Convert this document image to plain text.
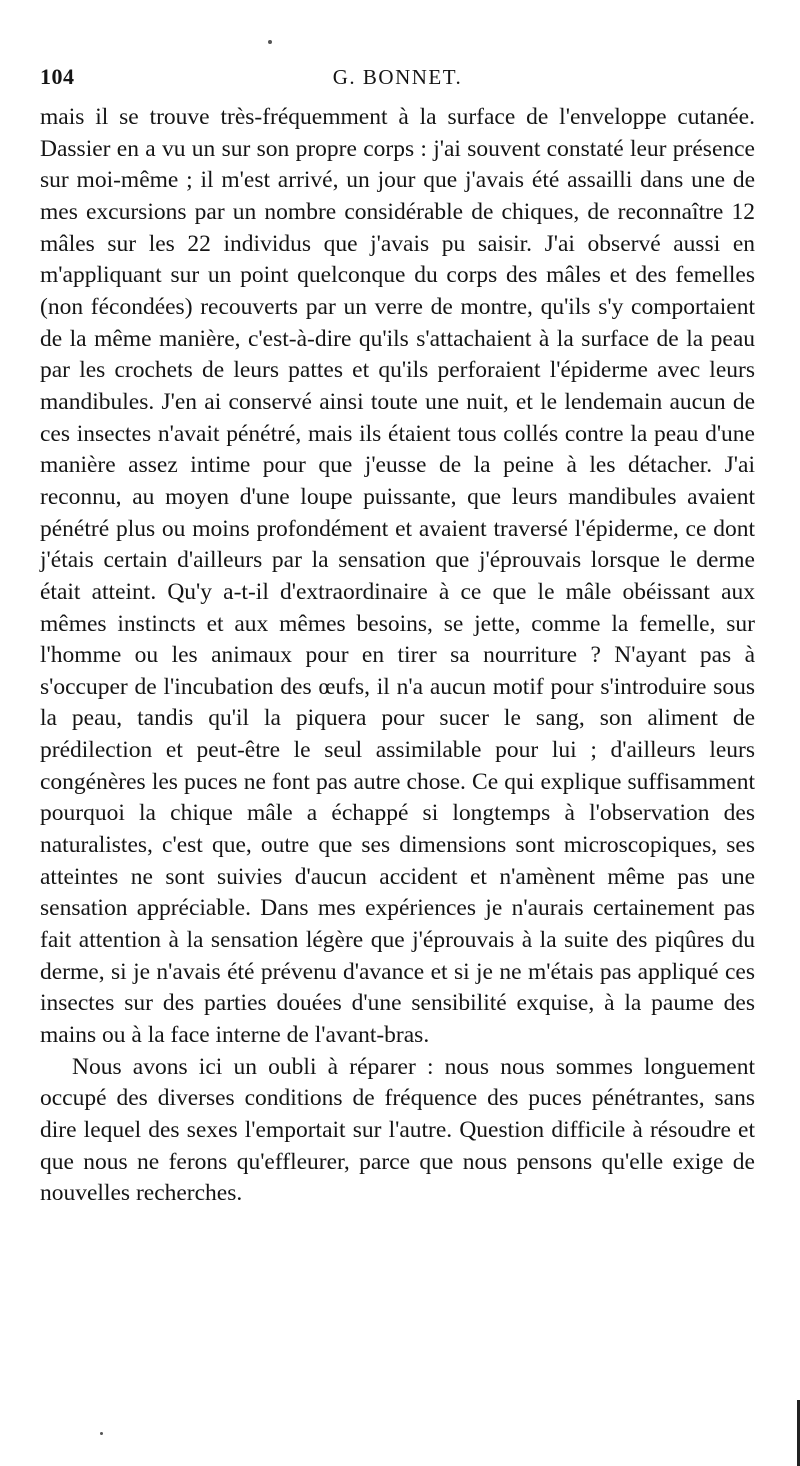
104	G. BONNET.

mais il se trouve très-fréquemment à la surface de l'enveloppe cutanée. Dassier en a vu un sur son propre corps : j'ai souvent constaté leur présence sur moi-même ; il m'est arrivé, un jour que j'avais été assailli dans une de mes excursions par un nombre considérable de chiques, de reconnaître 12 mâles sur les 22 individus que j'avais pu saisir. J'ai observé aussi en m'appliquant sur un point quelconque du corps des mâles et des femelles (non fécondées) recouverts par un verre de montre, qu'ils s'y comportaient de la même manière, c'est-à-dire qu'ils s'attachaient à la surface de la peau par les crochets de leurs pattes et qu'ils perforaient l'épiderme avec leurs mandibules. J'en ai conservé ainsi toute une nuit, et le lendemain aucun de ces insectes n'avait pénétré, mais ils étaient tous collés contre la peau d'une manière assez intime pour que j'eusse de la peine à les détacher. J'ai reconnu, au moyen d'une loupe puissante, que leurs mandibules avaient pénétré plus ou moins profondément et avaient traversé l'épiderme, ce dont j'étais certain d'ailleurs par la sensation que j'éprouvais lorsque le derme était atteint. Qu'y a-t-il d'extraordinaire à ce que le mâle obéissant aux mêmes instincts et aux mêmes besoins, se jette, comme la femelle, sur l'homme ou les animaux pour en tirer sa nourriture ? N'ayant pas à s'occuper de l'incubation des œufs, il n'a aucun motif pour s'introduire sous la peau, tandis qu'il la piquera pour sucer le sang, son aliment de prédilection et peut-être le seul assimilable pour lui ; d'ailleurs leurs congénères les puces ne font pas autre chose. Ce qui explique suffisamment pourquoi la chique mâle a échappé si longtemps à l'observation des naturalistes, c'est que, outre que ses dimensions sont microscopiques, ses atteintes ne sont suivies d'aucun accident et n'amènent même pas une sensation appréciable. Dans mes expériences je n'aurais certainement pas fait attention à la sensation légère que j'éprouvais à la suite des piqûres du derme, si je n'avais été prévenu d'avance et si je ne m'étais pas appliqué ces insectes sur des parties douées d'une sensibilité exquise, à la paume des mains ou à la face interne de l'avant-bras.

Nous avons ici un oubli à réparer : nous nous sommes longuement occupé des diverses conditions de fréquence des puces pénétrantes, sans dire lequel des sexes l'emportait sur l'autre. Question difficile à résoudre et que nous ne ferons qu'effleurer, parce que nous pensons qu'elle exige de nouvelles recherches.
